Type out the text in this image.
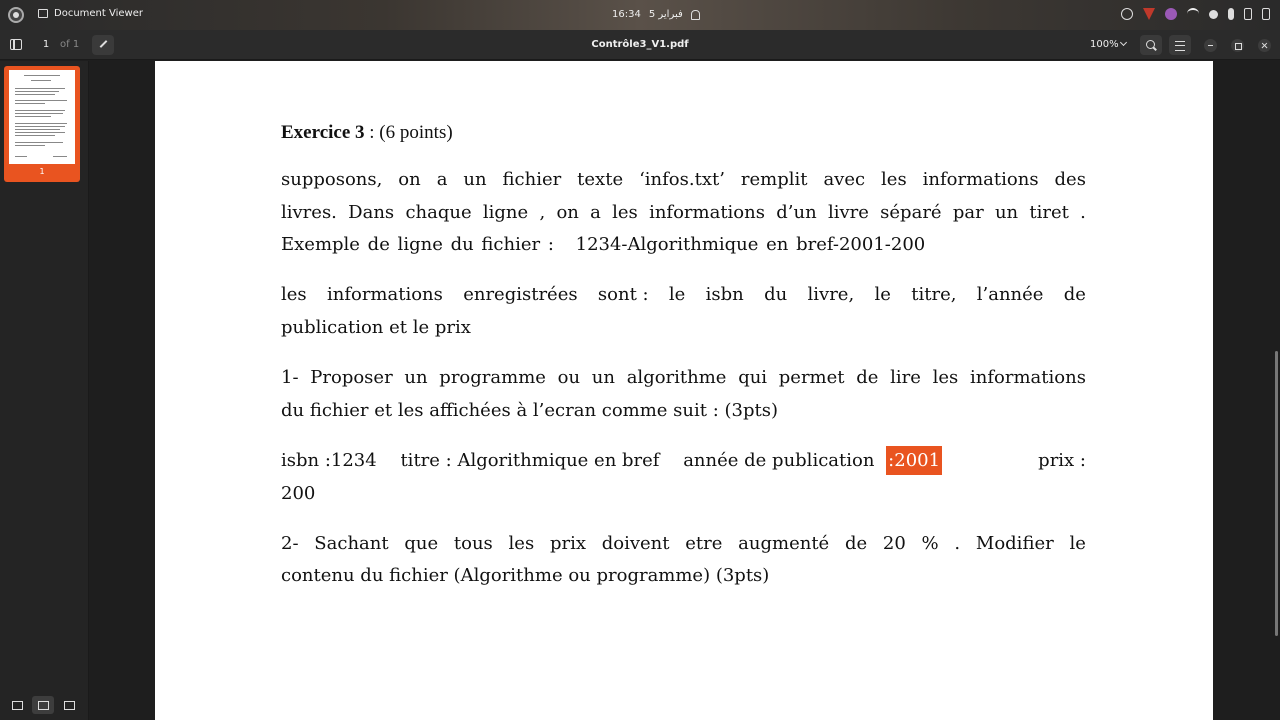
Document Viewer	16:34 5 فبراير
1	of 1	Contrôle3_V1.pdf	100%
1
Exercice 3 : (6 points)
supposons, on a un fichier texte ‘infos.txt’ remplit avec les informations des
livres. Dans chaque ligne , on a les informations d’un livre séparé par un tiret .
Exemple de ligne du fichier : 1234-Algorithmique en bref-2001-200
les informations enregistrées sont : le isbn du livre, le titre, l’année de
publication et le prix
1- Proposer un programme ou un algorithme qui permet de lire les informations
du fichier et les affichées à l’ecran comme suit : (3pts)
isbn :1234 titre : Algorithmique en bref année de publication :2001	prix :
200
2- Sachant que tous les prix doivent etre augmenté de 20 % . Modifier le
contenu du fichier (Algorithme ou programme) (3pts)
